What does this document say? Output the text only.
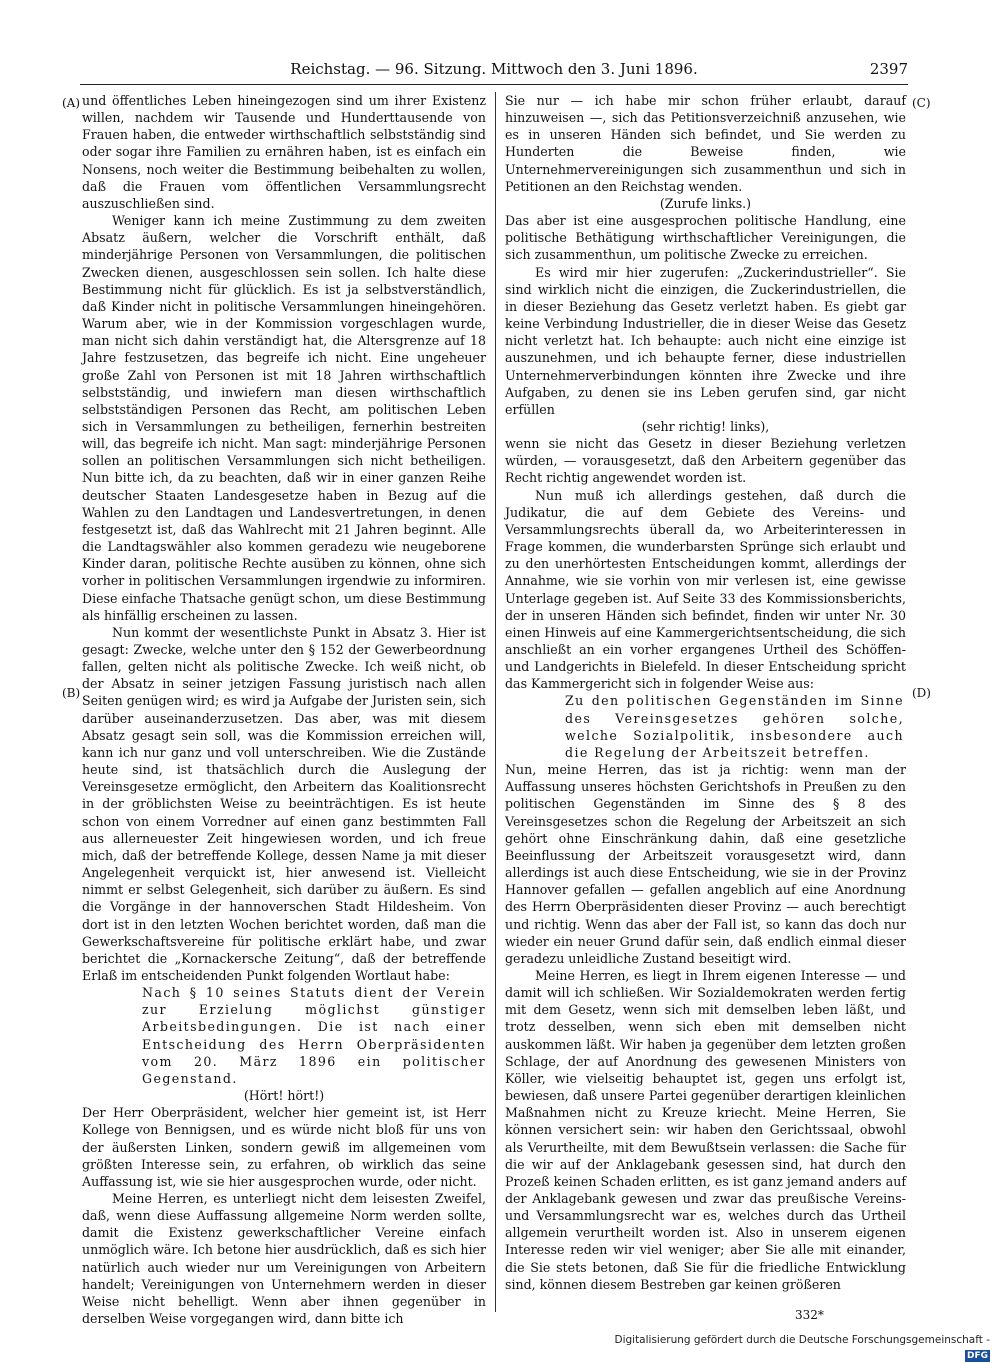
Reichstag. — 96. Sitzung. Mittwoch den 3. Juni 1896.	2397
(A)
(B)
(C)
(D)

und öffentliches Leben hineingezogen sind um ihrer Existenz willen, nachdem wir Tausende und Hunderttausende von Frauen haben, die entweder wirthschaftlich selbstständig sind oder sogar ihre Familien zu ernähren haben, ist es einfach ein Nonsens, noch weiter die Bestimmung beibehalten zu wollen, daß die Frauen vom öffentlichen Versammlungsrecht auszuschließen sind.

Weniger kann ich meine Zustimmung zu dem zweiten Absatz äußern, welcher die Vorschrift enthält, daß minderjährige Personen von Versammlungen, die politischen Zwecken dienen, ausgeschlossen sein sollen. Ich halte diese Bestimmung nicht für glücklich. Es ist ja selbstverständlich, daß Kinder nicht in politische Versammlungen hineingehören. Warum aber, wie in der Kommission vorgeschlagen wurde, man nicht sich dahin verständigt hat, die Altersgrenze auf 18 Jahre festzusetzen, das begreife ich nicht. Eine ungeheuer große Zahl von Personen ist mit 18 Jahren wirthschaftlich selbstständig, und inwiefern man diesen wirthschaftlich selbstständigen Personen das Recht, am politischen Leben sich in Versammlungen zu betheiligen, fernerhin bestreiten will, das begreife ich nicht. Man sagt: minderjährige Personen sollen an politischen Versammlungen sich nicht betheiligen. Nun bitte ich, da zu beachten, daß wir in einer ganzen Reihe deutscher Staaten Landesgesetze haben in Bezug auf die Wahlen zu den Landtagen und Landesvertretungen, in denen festgesetzt ist, daß das Wahlrecht mit 21 Jahren beginnt. Alle die Landtagswähler also kommen geradezu wie neugeborene Kinder daran, politische Rechte ausüben zu können, ohne sich vorher in politischen Versammlungen irgendwie zu informiren. Diese einfache Thatsache genügt schon, um diese Bestimmung als hinfällig erscheinen zu lassen.

Nun kommt der wesentlichste Punkt in Absatz 3. Hier ist gesagt: Zwecke, welche unter den § 152 der Gewerbeordnung fallen, gelten nicht als politische Zwecke. Ich weiß nicht, ob der Absatz in seiner jetzigen Fassung juristisch nach allen Seiten genügen wird; es wird ja Aufgabe der Juristen sein, sich darüber auseinanderzusetzen. Das aber, was mit diesem Absatz gesagt sein soll, was die Kommission erreichen will, kann ich nur ganz und voll unterschreiben. Wie die Zustände heute sind, ist thatsächlich durch die Auslegung der Vereinsgesetze ermöglicht, den Arbeitern das Koalitionsrecht in der gröblichsten Weise zu beeinträchtigen. Es ist heute schon von einem Vorredner auf einen ganz bestimmten Fall aus allerneuester Zeit hingewiesen worden, und ich freue mich, daß der betreffende Kollege, dessen Name ja mit dieser Angelegenheit verquickt ist, hier anwesend ist. Vielleicht nimmt er selbst Gelegenheit, sich darüber zu äußern. Es sind die Vorgänge in der hannoverschen Stadt Hildesheim. Von dort ist in den letzten Wochen berichtet worden, daß man die Gewerkschaftsvereine für politische erklärt habe, und zwar berichtet die „Kornackersche Zeitung“, daß der betreffende Erlaß im entscheidenden Punkt folgenden Wortlaut habe:

Nach § 10 seines Statuts dient der Verein zur Erzielung möglichst günstiger Arbeitsbedingungen. Die ist nach einer Entscheidung des Herrn Oberpräsidenten vom 20. März 1896 ein politischer Gegenstand.

(Hört! hört!)

Der Herr Oberpräsident, welcher hier gemeint ist, ist Herr Kollege von Bennigsen, und es würde nicht bloß für uns von der äußersten Linken, sondern gewiß im allgemeinen vom größten Interesse sein, zu erfahren, ob wirklich das seine Auffassung ist, wie sie hier ausgesprochen wurde, oder nicht.

Meine Herren, es unterliegt nicht dem leisesten Zweifel, daß, wenn diese Auffassung allgemeine Norm werden sollte, damit die Existenz gewerkschaftlicher Vereine einfach unmöglich wäre. Ich betone hier ausdrücklich, daß es sich hier natürlich auch wieder nur um Vereinigungen von Arbeitern handelt; Vereinigungen von Unternehmern werden in dieser Weise nicht behelligt. Wenn aber ihnen gegenüber in derselben Weise vorgegangen wird, dann bitte ich

Sie nur — ich habe mir schon früher erlaubt, darauf hinzuweisen —, sich das Petitionsverzeichniß anzusehen, wie es in unseren Händen sich befindet, und Sie werden zu Hunderten die Beweise finden, wie Unternehmervereinigungen sich zusammenthun und sich in Petitionen an den Reichstag wenden.

(Zurufe links.)

Das aber ist eine ausgesprochen politische Handlung, eine politische Bethätigung wirthschaftlicher Vereinigungen, die sich zusammenthun, um politische Zwecke zu erreichen.

Es wird mir hier zugerufen: „Zuckerindustrieller“. Sie sind wirklich nicht die einzigen, die Zuckerindustriellen, die in dieser Beziehung das Gesetz verletzt haben. Es giebt gar keine Verbindung Industrieller, die in dieser Weise das Gesetz nicht verletzt hat. Ich behaupte: auch nicht eine einzige ist auszunehmen, und ich behaupte ferner, diese industriellen Unternehmerverbindungen könnten ihre Zwecke und ihre Aufgaben, zu denen sie ins Leben gerufen sind, gar nicht erfüllen

(sehr richtig! links),

wenn sie nicht das Gesetz in dieser Beziehung verletzen würden, — vorausgesetzt, daß den Arbeitern gegenüber das Recht richtig angewendet worden ist.

Nun muß ich allerdings gestehen, daß durch die Judikatur, die auf dem Gebiete des Vereins- und Versammlungsrechts überall da, wo Arbeiterinteressen in Frage kommen, die wunderbarsten Sprünge sich erlaubt und zu den unerhörtesten Entscheidungen kommt, allerdings der Annahme, wie sie vorhin von mir verlesen ist, eine gewisse Unterlage gegeben ist. Auf Seite 33 des Kommissionsberichts, der in unseren Händen sich befindet, finden wir unter Nr. 30 einen Hinweis auf eine Kammergerichtsentscheidung, die sich anschließt an ein vorher ergangenes Urtheil des Schöffen- und Landgerichts in Bielefeld. In dieser Entscheidung spricht das Kammergericht sich in folgender Weise aus:

Zu den politischen Gegenständen im Sinne des Vereinsgesetzes gehören solche, welche Sozialpolitik, insbesondere auch die Regelung der Arbeitszeit betreffen.

Nun, meine Herren, das ist ja richtig: wenn man der Auffassung unseres höchsten Gerichtshofs in Preußen zu den politischen Gegenständen im Sinne des § 8 des Vereinsgesetzes schon die Regelung der Arbeitszeit an sich gehört ohne Einschränkung dahin, daß eine gesetzliche Beeinflussung der Arbeitszeit vorausgesetzt wird, dann allerdings ist auch diese Entscheidung, wie sie in der Provinz Hannover gefallen — gefallen angeblich auf eine Anordnung des Herrn Oberpräsidenten dieser Provinz — auch berechtigt und richtig. Wenn das aber der Fall ist, so kann das doch nur wieder ein neuer Grund dafür sein, daß endlich einmal dieser geradezu unleidliche Zustand beseitigt wird.

Meine Herren, es liegt in Ihrem eigenen Interesse — und damit will ich schließen. Wir Sozialdemokraten werden fertig mit dem Gesetz, wenn sich mit demselben leben läßt, und trotz desselben, wenn sich eben mit demselben nicht auskommen läßt. Wir haben ja gegenüber dem letzten großen Schlage, der auf Anordnung des gewesenen Ministers von Köller, wie vielseitig behauptet ist, gegen uns erfolgt ist, bewiesen, daß unsere Partei gegenüber derartigen kleinlichen Maßnahmen nicht zu Kreuze kriecht. Meine Herren, Sie können versichert sein: wir haben den Gerichtssaal, obwohl als Verurtheilte, mit dem Bewußtsein verlassen: die Sache für die wir auf der Anklagebank gesessen sind, hat durch den Prozeß keinen Schaden erlitten, es ist ganz jemand anders auf der Anklagebank gewesen und zwar das preußische Vereins- und Versammlungsrecht war es, welches durch das Urtheil allgemein verurtheilt worden ist. Also in unserem eigenen Interesse reden wir viel weniger; aber Sie alle mit einander, die Sie stets betonen, daß Sie für die friedliche Entwicklung sind, können diesem Bestreben gar keinen größeren

332*
Digitalisierung gefördert durch die Deutsche Forschungsgemeinschaft - DFG
